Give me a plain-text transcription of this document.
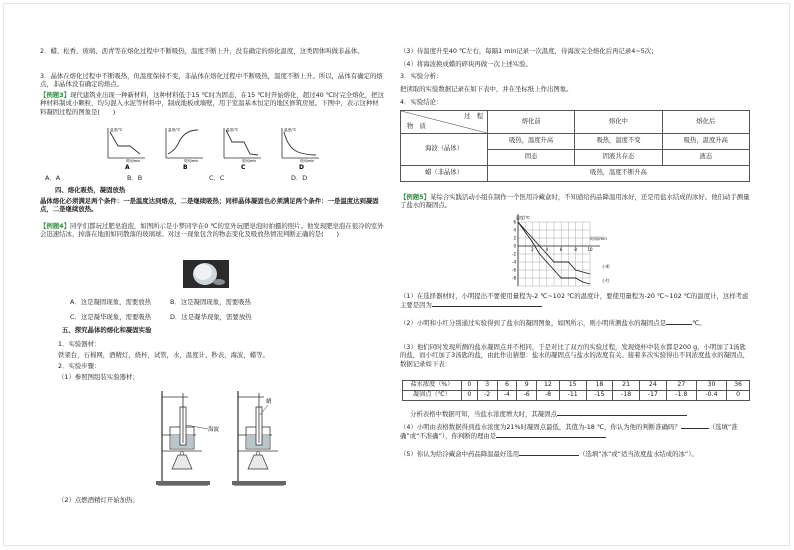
2．蜡、松香、玻璃、沥青等在熔化过程中不断吸热，温度不断上升，没有确定的熔化温度，这类固体叫做非晶体。
3．晶体在熔化过程中不断吸热，但温度保持不变，非晶体在熔化过程中不断吸热，温度不断上升。所以，晶体有确定的熔点，非晶体没有确定的熔点。
【例题3】现代建筑业出现一种新材料，这种材料低于15 ℃时为固态，在15 ℃时开始熔化，超过40 ℃时完全熔化，把这种材料制成小颗粒，均匀混入水泥等材料中，制成地板或墙壁，用于室温基本恒定的地区修筑房屋。下图中，表示这种材料凝固过程的图象是(　　)
温度/℃
时间/min
A
温度/℃
时间/min
B
温度/℃
时间/min
C
温度/℃
时间/min
D
A．A	B．B	C．C	D．D
四、熔化吸热，凝固放热
晶体熔化必须满足两个条件：一是温度达到熔点，二是继续吸热；同样晶体凝固也必须满足两个条件：一是温度达到凝固点，二是继续放热。
【例题4】同学们都玩过肥皂泡泡，如图所示是小梦同学在0 ℃的室外玩肥皂泡时拍摄的照片。他发现肥皂泡在很冷的室外会迅速结冰，掉落在地面如同散落的玻璃球。对这一现象包含的物态变化及吸放热情况判断正确的是(　　)
A．这是凝固现象，需要放热	B．这是凝固现象，需要吸热
C．这是凝华现象，需要吸热	D．这是凝华现象，需要放热
五、探究晶体的熔化和凝固实验
1．实验器材：
铁架台，石棉网，酒精灯，烧杯，试管，水，温度计，秒表，海波，蜡等。
2．实验步骤：
（1）参照图组装实验器材；
海波
蜡
（2）点燃酒精灯开始加热；
（3）待温度升至40 ℃左右，每隔1 min记录一次温度，待海波完全熔化后再记录4~5次；
（4）将海波换成蜡的碎块再做一次上述实验。
3．实验分析：
把读取的实验数据记录在如下表中，并在坐标纸上作出图象。
4．实验结论：
过　程
物　质	熔化前	熔化中	熔化后
海波（晶体）	吸热，温度升高	吸热，温度不变	吸热，温度升高
	固态	固液共存态	液态
蜡（非晶体）	吸热，温度不断升高		
【例题5】某综合实践活动小组在制作一个医用冷藏盒时，不知道给药品降温用冰好，还是用盐水结成的冰好。他们动手测量了盐水的凝固点。
温度/℃
时间/min
6
4
2
0
-2
-4
-6
-8
2	4	6	8	10
小明
小红
（1）在选择器材时，小明提出不要使用量程为-2 ℃~102 ℃的温度计，要使用量程为-20 ℃~102 ℃的温度计，这样考虑主要是因为
（2）小明和小红分别通过实验得到了盐水的凝固图象，如图所示，则小明所测盐水的凝固点是	℃。
（3）他们同时发现所测的盐水凝固点并不相同，于是对比了双方的实验过程，发现烧杯中装水都是200 g，小明加了1汤匙的盐，而小红加了3汤匙的盐，由此作出猜想：盐水的凝固点与盐水的浓度有关。接着多次实验得出不同浓度盐水的凝固点，数据记录如下表：
盐水浓度（%）	0	3	6	9	12	15	18	21	24	27	30	36
凝固点（℃）	0	-2	-4	-6	-8	-11	-15	-18	-17	-1.8	-0.4	0
分析表格中数据可知，当盐水浓度增大时，其凝固点
（4）小明由表格数据得到盐水浓度为21%时凝固点最低，其值为-18 ℃，你认为他的判断准确吗？	（选填“准确”或“不准确”），你判断的理由是
（5）你认为给冷藏盒中药品降温最好选用	（选填“冰”或“适当浓度盐水结成的冰”）。
